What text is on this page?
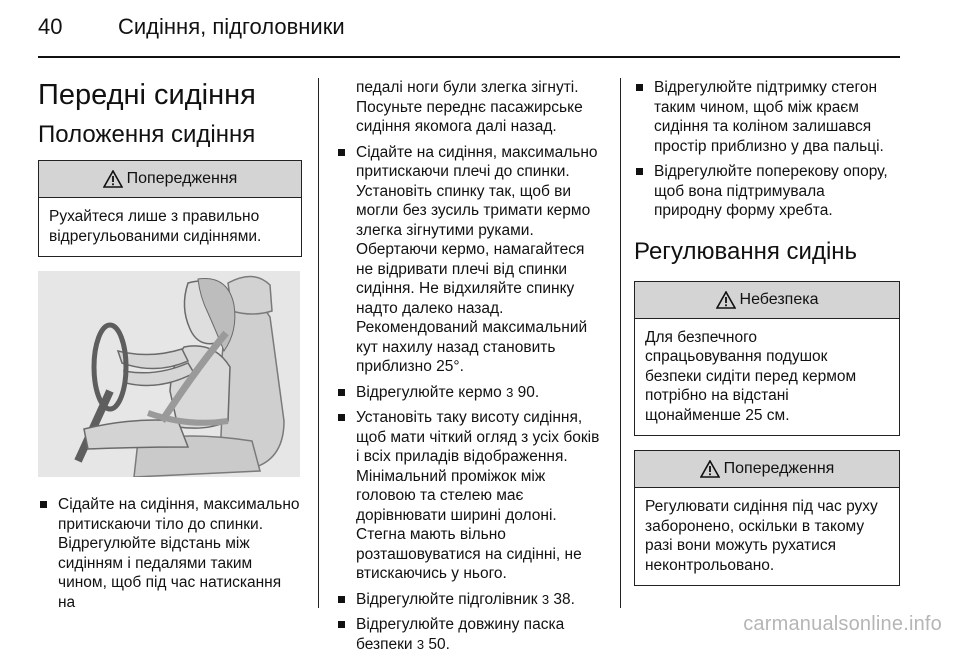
40	Сидіння, підголовники
Передні сидіння
Положення сидіння
Попередження
Рухайтеся лише з правильно
відрегульованими сидіннями.
Сідайте на сидіння, максимально
притискаючи тіло до спинки.
Відрегулюйте відстань між
сидінням і педалями таким
чином, щоб під час натискання на
педалі ноги були злегка зігнуті.
Посуньте переднє пасажирське
сидіння якомога далі назад.
Сідайте на сидіння, максимально
притискаючи плечі до спинки.
Установіть спинку так, щоб ви
могли без зусиль тримати кермо
злегка зігнутими руками.
Обертаючи кермо, намагайтеся
не відривати плечі від спинки
сидіння. Не відхиляйте спинку
надто далеко назад.
Рекомендований максимальний
кут нахилу назад становить
приблизно 25°.
Відрегулюйте кермо 3 90.
Установіть таку висоту сидіння,
щоб мати чіткий огляд з усіх боків
і всіх приладів відображення.
Мінімальний проміжок між
головою та стелею має
дорівнювати ширині долоні.
Стегна мають вільно
розташовуватися на сидінні, не
втискаючись у нього.
Відрегулюйте підголівник 3 38.
Відрегулюйте довжину паска
безпеки 3 50.
Відрегулюйте підтримку стегон
таким чином, щоб між краєм
сидіння та коліном залишався
простір приблизно у два пальці.
Відрегулюйте поперекову опору,
щоб вона підтримувала
природну форму хребта.
Регулювання сидінь
Небезпека
Для безпечного
спрацьовування подушок
безпеки сидіти перед кермом
потрібно на відстані
щонайменше 25 см.
Попередження
Регулювати сидіння під час руху
заборонено, оскільки в такому
разі вони можуть рухатися
неконтрольовано.
carmanualsonline.info
